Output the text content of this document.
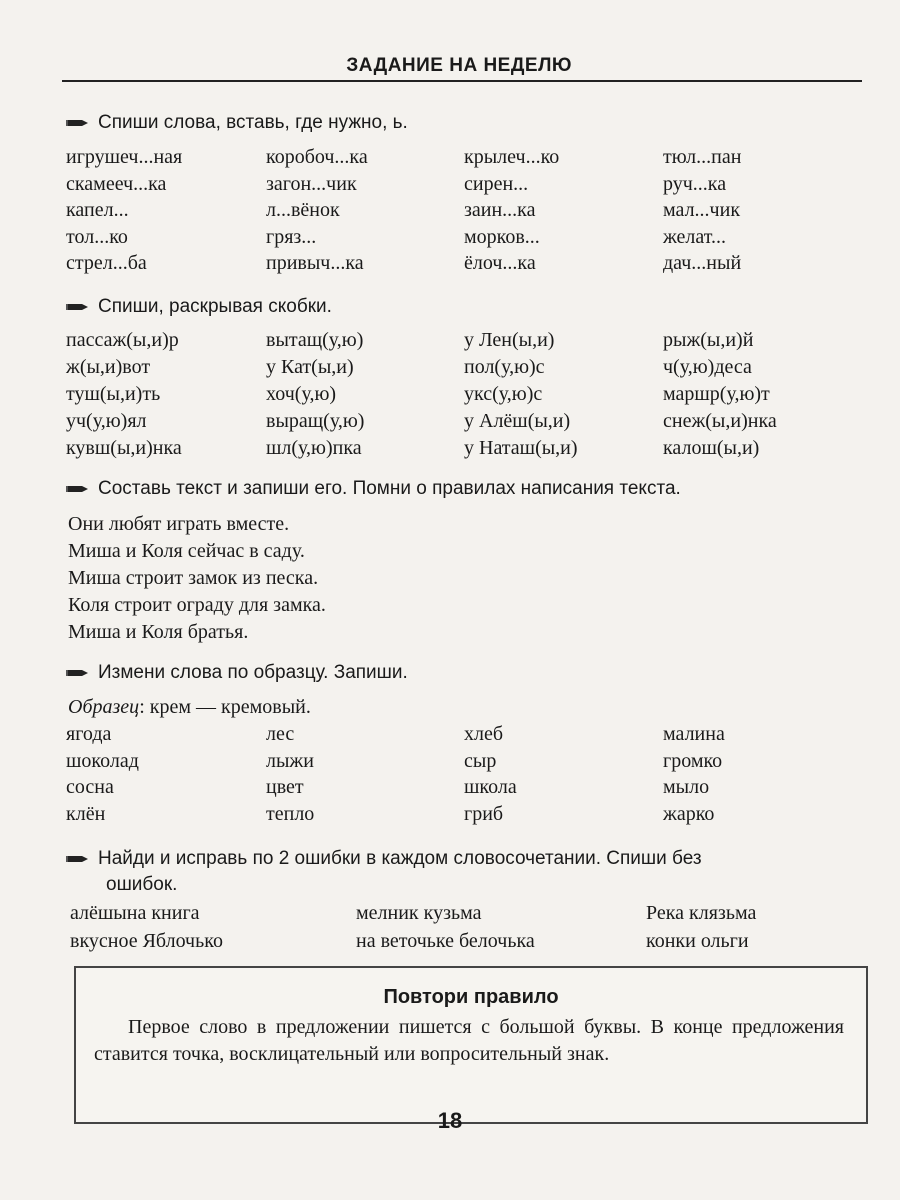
ЗАДАНИЕ НА НЕДЕЛЮ
Спиши слова, вставь, где нужно, ь.
игрушеч...ная	коробоч...ка	крылеч...ко	тюл...пан
скамееч...ка	загон...чик	сирен...	руч...ка
капел...	л...вёнок	заин...ка	мал...чик
тол...ко	гряз...	морков...	желат...
стрел...ба	привыч...ка	ёлоч...ка	дач...ный
Спиши, раскрывая скобки.
пассаж(ы,и)р	вытащ(у,ю)	у Лен(ы,и)	рыж(ы,и)й
ж(ы,и)вот	у Кат(ы,и)	пол(у,ю)с	ч(у,ю)деса
туш(ы,и)ть	хоч(у,ю)	укс(у,ю)с	маршр(у,ю)т
уч(у,ю)ял	выращ(у,ю)	у Алёш(ы,и)	снеж(ы,и)нка
кувш(ы,и)нка	шл(у,ю)пка	у Наташ(ы,и)	калош(ы,и)
Составь текст и запиши его. Помни о правилах написания текста.
Они любят играть вместе.
Миша и Коля сейчас в саду.
Миша строит замок из песка.
Коля строит ограду для замка.
Миша и Коля братья.
Измени слова по образцу. Запиши.
Образец: крем — кремовый.
ягода	лес	хлеб	малина
шоколад	лыжи	сыр	громко
сосна	цвет	школа	мыло
клён	тепло	гриб	жарко
Найди и исправь по 2 ошибки в каждом словосочетании. Спиши без
ошибок.
алёшына книга	мелник кузьма	Река клязьма
вкусное Яблочько	на веточьке белочька	конки ольги
Повтори правило
Первое слово в предложении пишется с большой буквы. В конце предложения ставится точка, восклицательный или вопросительный знак.
18
